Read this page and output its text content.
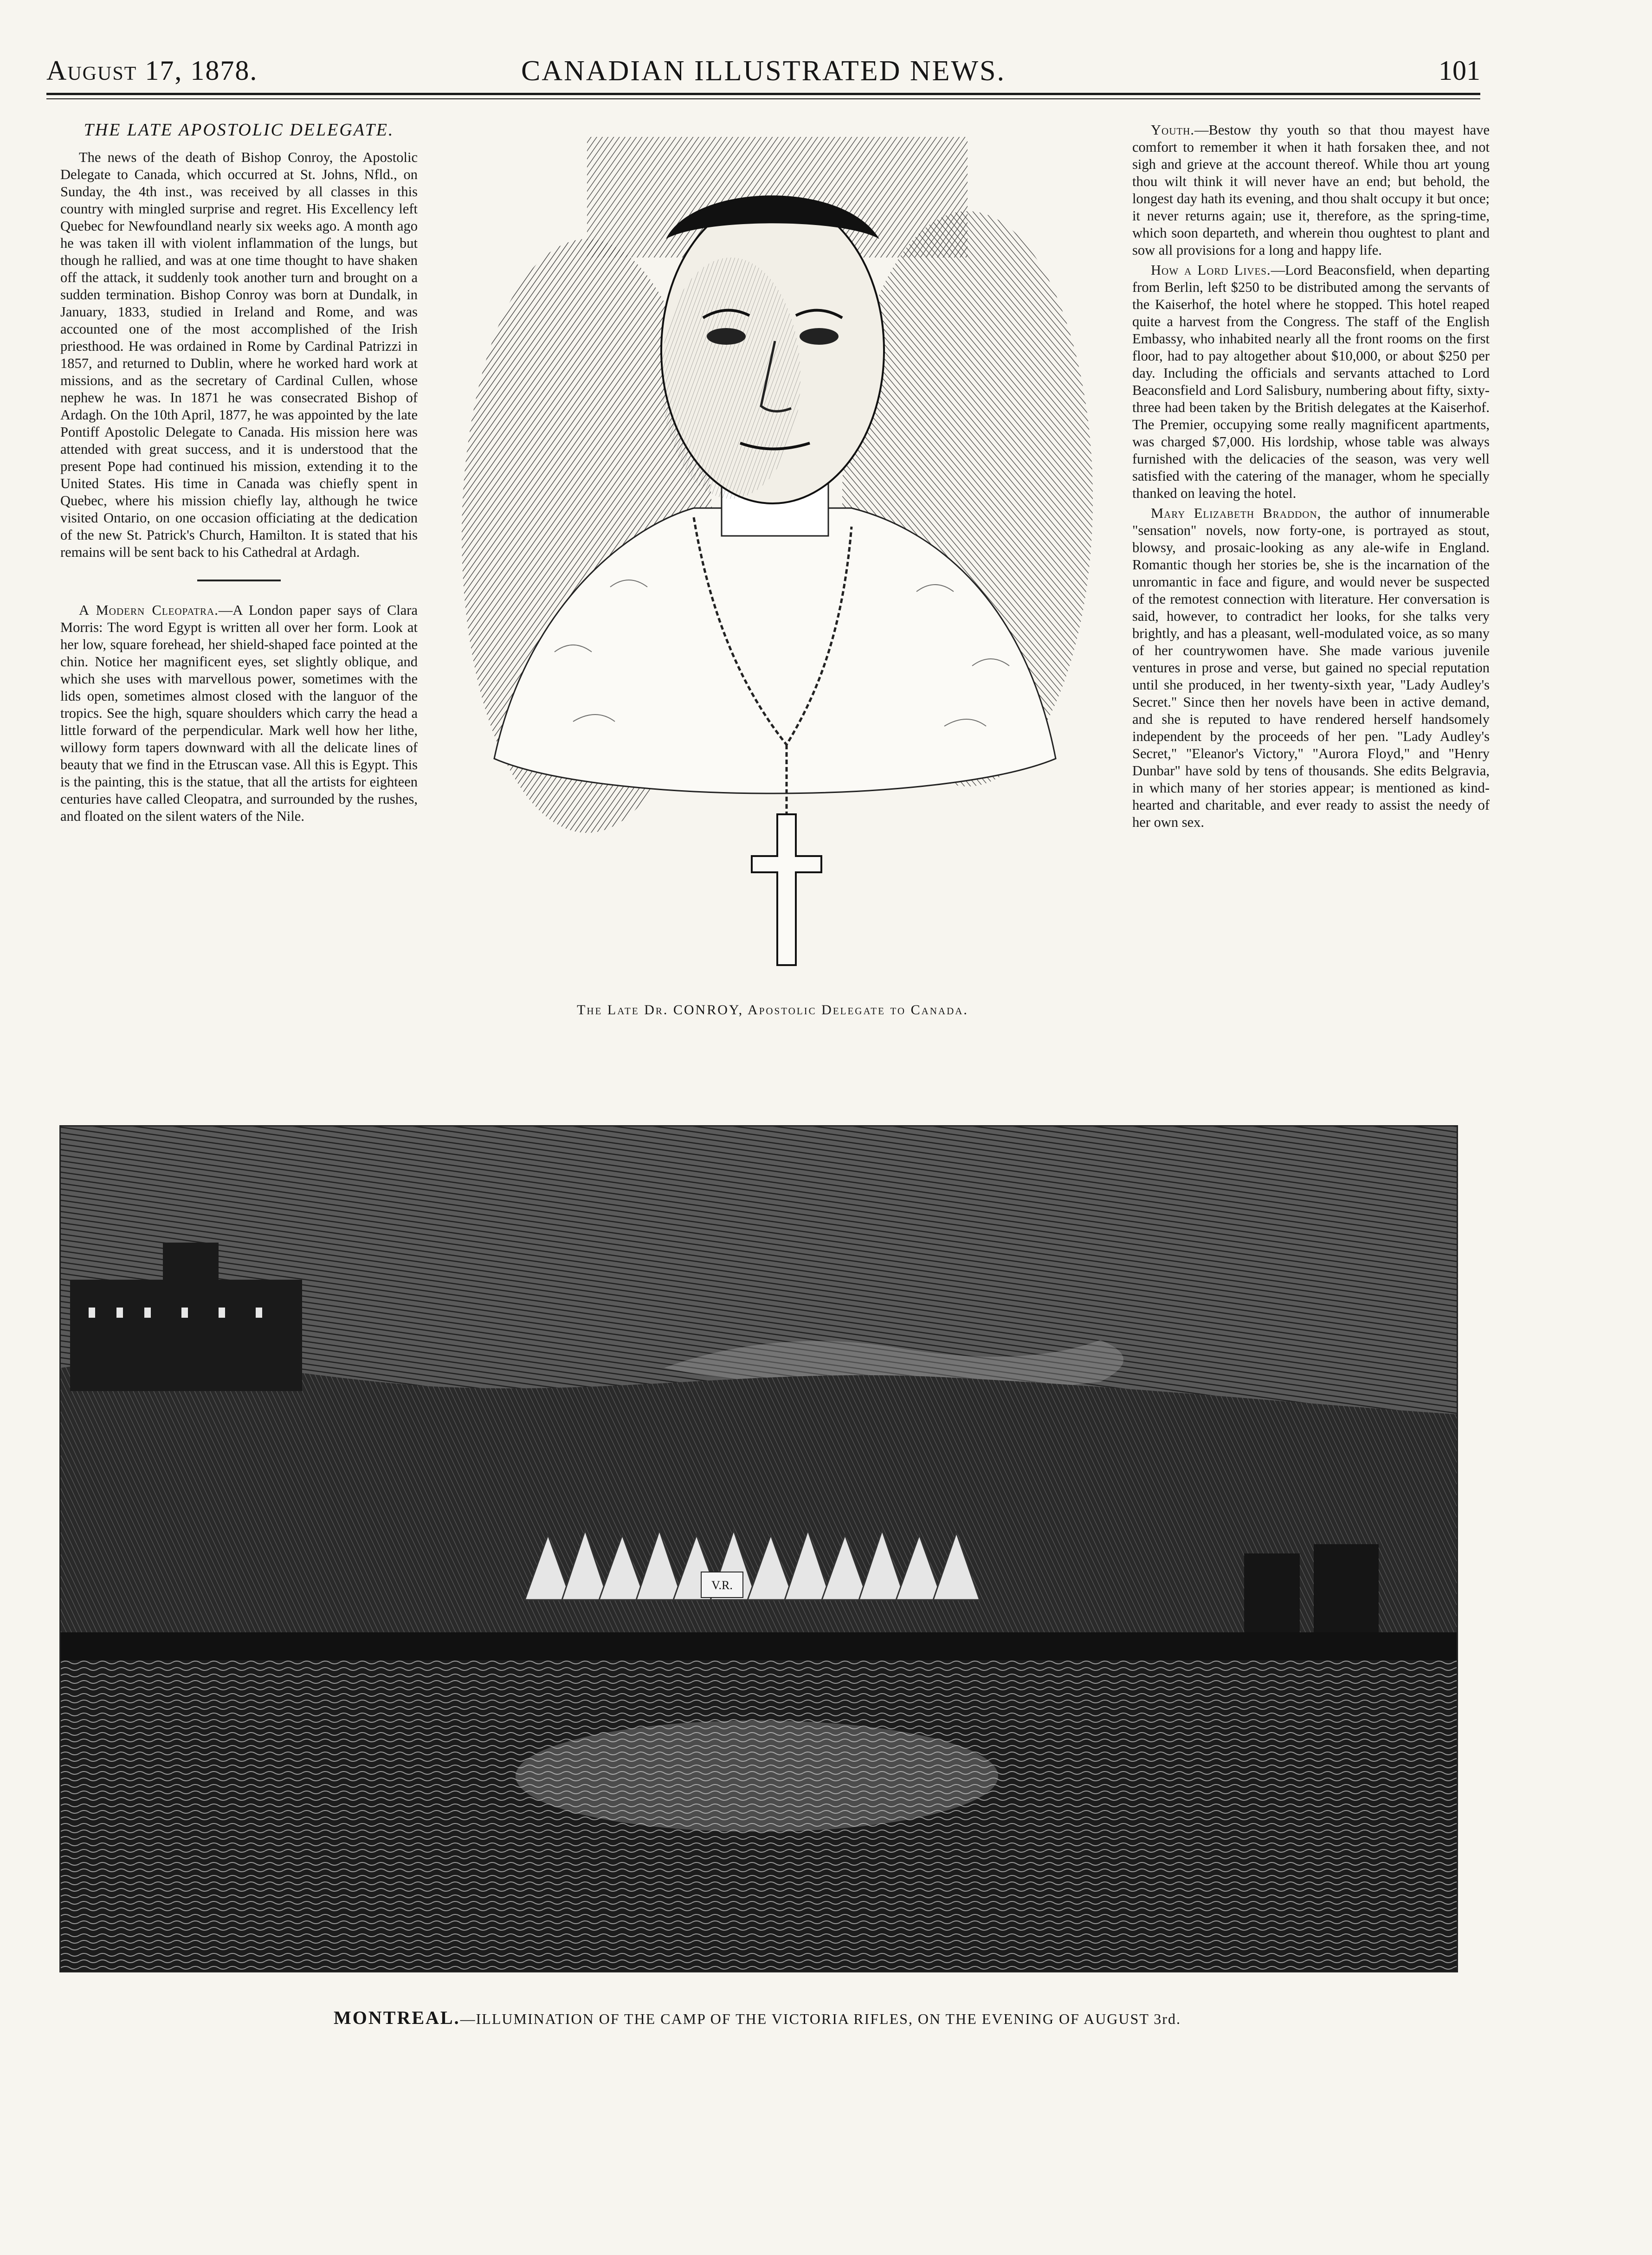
August 17, 1878.	CANADIAN ILLUSTRATED NEWS.	101
THE LATE APOSTOLIC DELEGATE.

The news of the death of Bishop Conroy, the Apostolic Delegate to Canada, which occurred at St. Johns, Nfld., on Sunday, the 4th inst., was received by all classes in this country with mingled surprise and regret. His Excellency left Quebec for Newfoundland nearly six weeks ago. A month ago he was taken ill with violent inflammation of the lungs, but though he rallied, and was at one time thought to have shaken off the attack, it suddenly took another turn and brought on a sudden termination. Bishop Conroy was born at Dundalk, in January, 1833, studied in Ireland and Rome, and was accounted one of the most accomplished of the Irish priesthood. He was ordained in Rome by Cardinal Patrizzi in 1857, and returned to Dublin, where he worked hard work at missions, and as the secretary of Cardinal Cullen, whose nephew he was. In 1871 he was consecrated Bishop of Ardagh. On the 10th April, 1877, he was appointed by the late Pontiff Apostolic Delegate to Canada. His mission here was attended with great success, and it is understood that the present Pope had continued his mission, extending it to the United States. His time in Canada was chiefly spent in Quebec, where his mission chiefly lay, although he twice visited Ontario, on one occasion officiating at the dedication of the new St. Patrick's Church, Hamilton. It is stated that his remains will be sent back to his Cathedral at Ardagh.

A Modern Cleopatra.—A London paper says of Clara Morris: The word Egypt is written all over her form. Look at her low, square forehead, her shield-shaped face pointed at the chin. Notice her magnificent eyes, set slightly oblique, and which she uses with marvellous power, sometimes with the lids open, sometimes almost closed with the languor of the tropics. See the high, square shoulders which carry the head a little forward of the perpendicular. Mark well how her lithe, willowy form tapers downward with all the delicate lines of beauty that we find in the Etruscan vase. All this is Egypt. This is the painting, this is the statue, that all the artists for eighteen centuries have called Cleopatra, and surrounded by the rushes, and floated on the silent waters of the Nile.

The Late Dr. CONROY, Apostolic Delegate to Canada.

Youth.—Bestow thy youth so that thou mayest have comfort to remember it when it hath forsaken thee, and not sigh and grieve at the account thereof. While thou art young thou wilt think it will never have an end; but behold, the longest day hath its evening, and thou shalt occupy it but once; it never returns again; use it, therefore, as the spring-time, which soon departeth, and wherein thou oughtest to plant and sow all provisions for a long and happy life.

How a Lord Lives.—Lord Beaconsfield, when departing from Berlin, left $250 to be distributed among the servants of the Kaiserhof, the hotel where he stopped. This hotel reaped quite a harvest from the Congress. The staff of the English Embassy, who inhabited nearly all the front rooms on the first floor, had to pay altogether about $10,000, or about $250 per day. Including the officials and servants attached to Lord Beaconsfield and Lord Salisbury, numbering about fifty, sixty-three had been taken by the British delegates at the Kaiserhof. The Premier, occupying some really magnificent apartments, was charged $7,000. His lordship, whose table was always furnished with the delicacies of the season, was very well satisfied with the catering of the manager, whom he specially thanked on leaving the hotel.

Mary Elizabeth Braddon, the author of innumerable "sensation" novels, now forty-one, is portrayed as stout, blowsy, and prosaic-looking as any ale-wife in England. Romantic though her stories be, she is the incarnation of the unromantic in face and figure, and would never be suspected of the remotest connection with literature. Her conversation is said, however, to contradict her looks, for she talks very brightly, and has a pleasant, well-modulated voice, as so many of her countrywomen have. She made various juvenile ventures in prose and verse, but gained no special reputation until she produced, in her twenty-sixth year, "Lady Audley's Secret." Since then her novels have been in active demand, and she is reputed to have rendered herself handsomely independent by the proceeds of her pen. "Lady Audley's Secret," "Eleanor's Victory," "Aurora Floyd," and "Henry Dunbar" have sold by tens of thousands. She edits Belgravia, in which many of her stories appear; is mentioned as kind-hearted and charitable, and ever ready to assist the needy of her own sex.

V.R.
MONTREAL.—ILLUMINATION OF THE CAMP OF THE VICTORIA RIFLES, ON THE EVENING OF AUGUST 3rd.
